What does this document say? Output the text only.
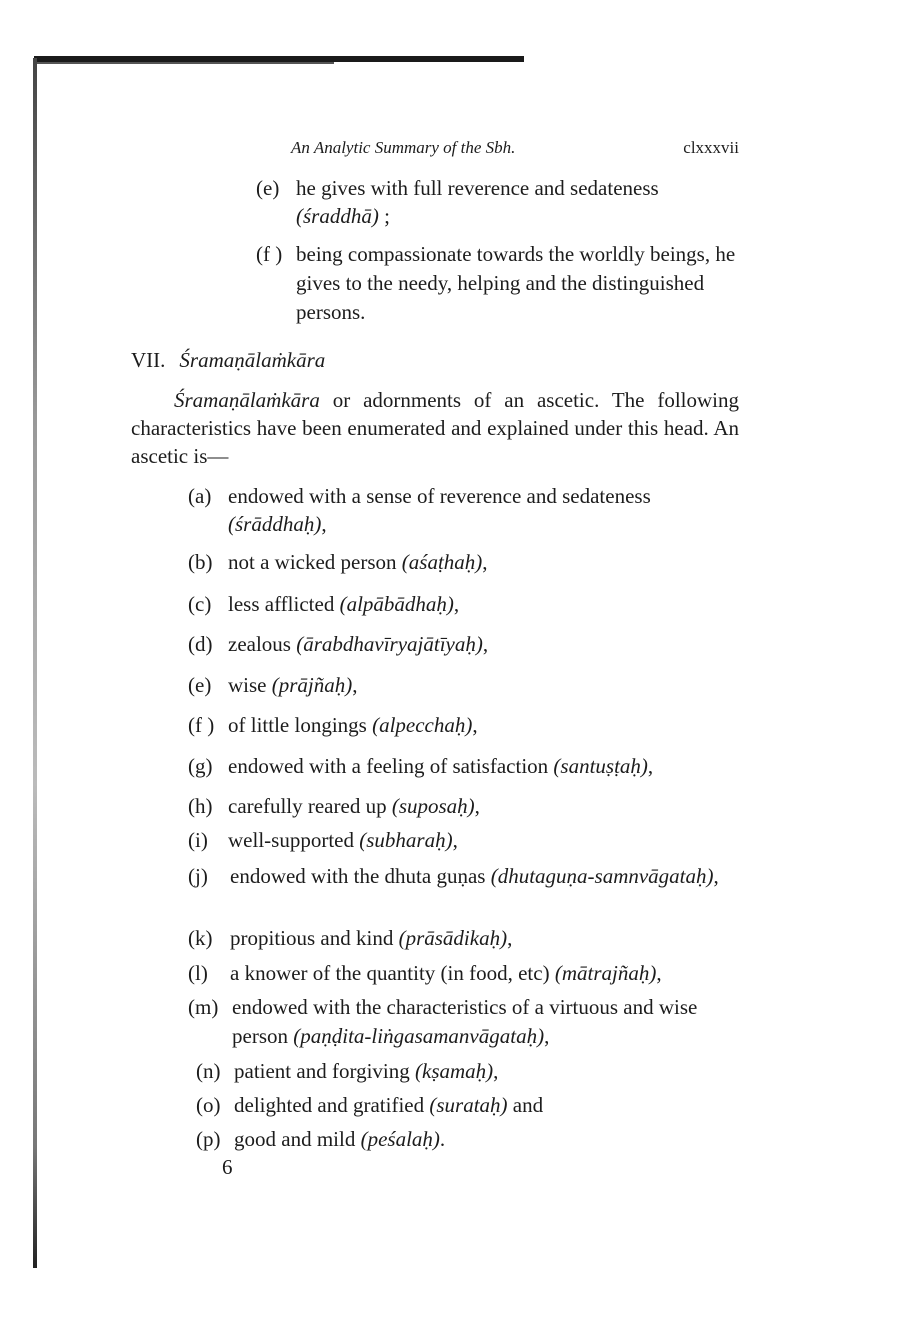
An Analytic Summary of the Sbh.	clxxxvii
(e) he gives with full reverence and sedateness
(śraddhā) ;
(f ) being compassionate towards the worldly beings, he gives to the needy, helping and the distinguished persons.
VII. Śramaṇālaṁkāra
Śramaṇālaṁkāra or adornments of an ascetic. The following characteristics have been enumerated and explained under this head. An ascetic is—
(a) endowed with a sense of reverence and sedateness (śrāddhaḥ),
(b) not a wicked person (aśaṭhaḥ),
(c) less afflicted (alpābādhaḥ),
(d) zealous (ārabdhavīryajātīyaḥ),
(e) wise (prājñaḥ),
(f ) of little longings (alpecchaḥ),
(g) endowed with a feeling of satisfaction (santuṣṭaḥ),
(h) carefully reared up (suposaḥ),
(i) well-supported (subharaḥ),
(j) endowed with the dhuta guṇas (dhutaguṇa-samnvāgataḥ),
(k) propitious and kind (prāsādikaḥ),
(l) a knower of the quantity (in food, etc) (mātrajñaḥ),
(m) endowed with the characteristics of a virtuous and wise person (paṇḍita-liṅgasamanvāgataḥ),
(n) patient and forgiving (kṣamaḥ),
(o) delighted and gratified (surataḥ) and
(p) good and mild (peśalaḥ).
6
